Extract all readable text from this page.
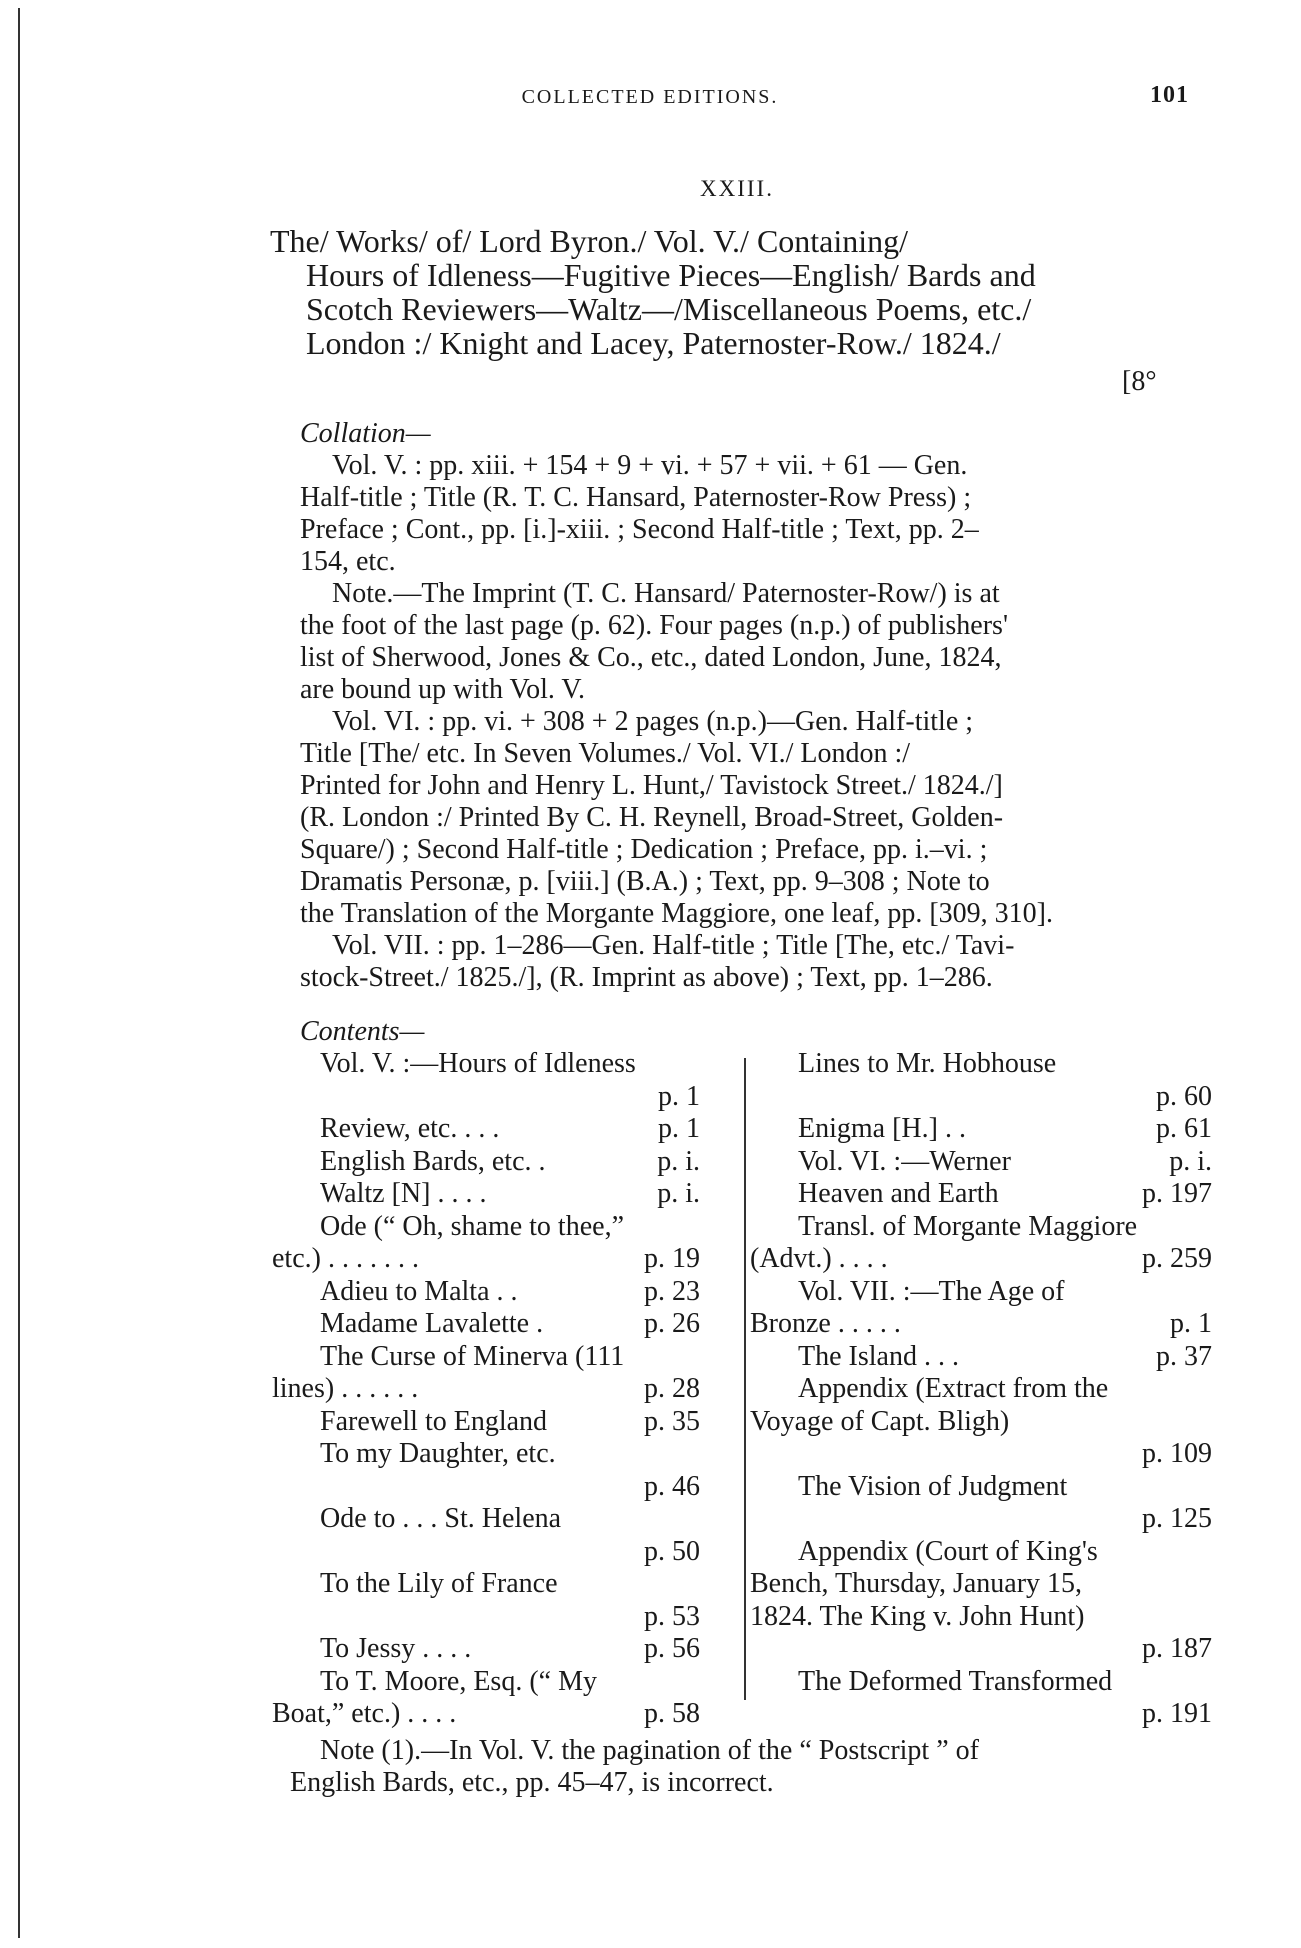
COLLECTED EDITIONS.	101
XXIII.
The/ Works/ of/ Lord Byron./ Vol. V./ Containing/
Hours of Idleness—Fugitive Pieces—English/ Bards and
Scotch Reviewers—Waltz—/Miscellaneous Poems, etc./
London :/ Knight and Lacey, Paternoster-Row./ 1824./
[8°
Collation—
Vol. V. : pp. xiii. + 154 + 9 + vi. + 57 + vii. + 61 — Gen.
Half-title ; Title (R. T. C. Hansard, Paternoster-Row Press) ;
Preface ; Cont., pp. [i.]-xiii. ; Second Half-title ; Text, pp. 2–
154, etc.
Note.—The Imprint (T. C. Hansard/ Paternoster-Row/) is at
the foot of the last page (p. 62). Four pages (n.p.) of publishers'
list of Sherwood, Jones & Co., etc., dated London, June, 1824,
are bound up with Vol. V.
Vol. VI. : pp. vi. + 308 + 2 pages (n.p.)—Gen. Half-title ;
Title [The/ etc. In Seven Volumes./ Vol. VI./ London :/
Printed for John and Henry L. Hunt,/ Tavistock Street./ 1824./]
(R. London :/ Printed By C. H. Reynell, Broad-Street, Golden-
Square/) ; Second Half-title ; Dedication ; Preface, pp. i.–vi. ;
Dramatis Personæ, p. [viii.] (B.A.) ; Text, pp. 9–308 ; Note to
the Translation of the Morgante Maggiore, one leaf, pp. [309, 310].
Vol. VII. : pp. 1–286—Gen. Half-title ; Title [The, etc./ Tavi-
stock-Street./ 1825./], (R. Imprint as above) ; Text, pp. 1–286.
Contents—
Vol. V. :—Hours of Idleness
p. 1
Review, etc. . . .	p. 1
English Bards, etc. .	p. i.
Waltz [N] . . . .	p. i.
Ode (“ Oh, shame to thee,”
etc.) . . . . . . .	p. 19
Adieu to Malta . .	p. 23
Madame Lavalette .	p. 26
The Curse of Minerva (111
lines) . . . . . .	p. 28
Farewell to England	p. 35
To my Daughter, etc.
p. 46
Ode to . . . St. Helena
p. 50
To the Lily of France
p. 53
To Jessy . . . .	p. 56
To T. Moore, Esq. (“ My
Boat,” etc.) . . . .	p. 58
Lines to Mr. Hobhouse
p. 60
Enigma [H.] . .	p. 61
Vol. VI. :—Werner	p. i.
Heaven and Earth	p. 197
Transl. of Morgante Maggiore
(Advt.) . . . .	p. 259
Vol. VII. :—The Age of
Bronze . . . . .	p. 1
The Island . . .	p. 37
Appendix (Extract from the
Voyage of Capt. Bligh)
p. 109
The Vision of Judgment
p. 125
Appendix (Court of King's
Bench, Thursday, January 15,
1824. The King v. John Hunt)
p. 187
The Deformed Transformed
p. 191
Note (1).—In Vol. V. the pagination of the “ Postscript ” of
English Bards, etc., pp. 45–47, is incorrect.
